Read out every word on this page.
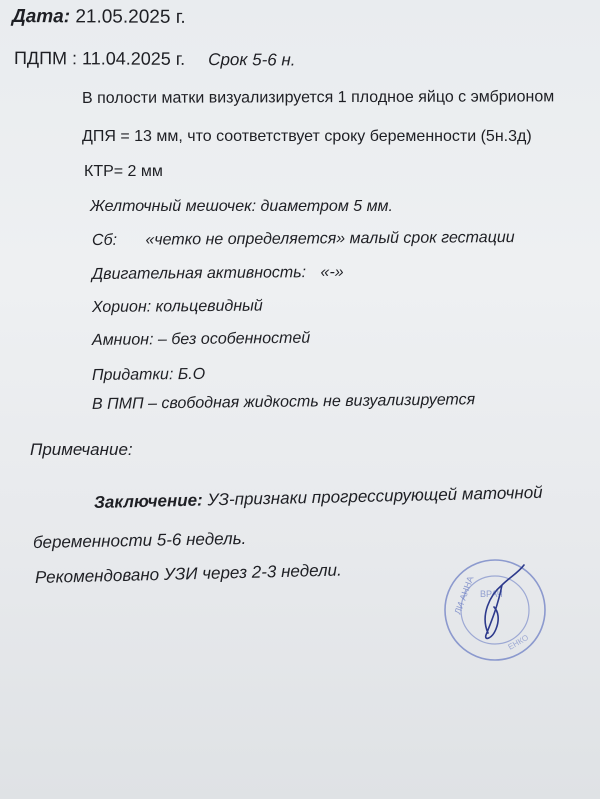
Дата: 21.05.2025 г.
ПДПМ : 11.04.2025 г. Срок 5-6 н.
В полости матки визуализируется 1 плодное яйцо с эмбрионом
ДПЯ = 13 мм, что соответствует сроку беременности (5н.3д)
КТР= 2 мм
Желточный мешочек: диаметром 5 мм.
Сб: «четко не определяется» малый срок гестации
Двигательная активность: «-»
Хорион: кольцевидный
Амнион: – без особенностей
Придатки: Б.О
В ПМП – свободная жидкость не визуализируется
Примечание:
Заключение: УЗ-признаки прогрессирующей маточной
беременности 5-6 недель.
Рекомендовано УЗИ через 2-3 недели.
ЛИ АННА ВРАЧ
ЕНКО
